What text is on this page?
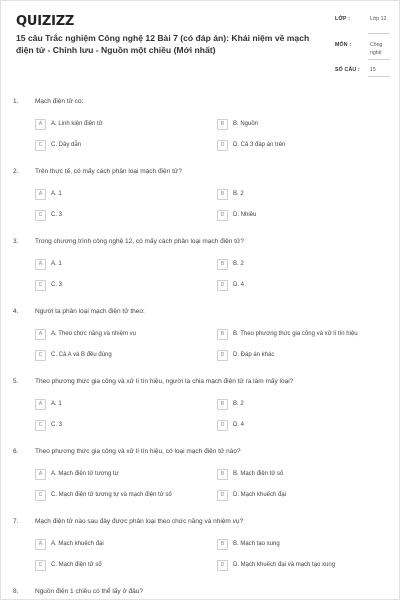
QUIZIZZ
15 câu Trắc nghiệm Công nghệ 12 Bài 7 (có đáp án): Khái niệm về mạch điện tử - Chỉnh lưu - Nguồn một chiều (Mới nhất)
LỚP :	Lớp 12
MÔN :	Công nghệ
SỐ CÂU : 15
1.	Mạch điện tử có:
A	A. Linh kiện điện tử	B	B. Nguồn
C	C. Dây dẫn	D	D. Cả 3 đáp án trên
2.	Trên thực tế, có mấy cách phân loại mạch điện tử?
A	A. 1	B	B. 2
C	C. 3	D	D. Nhiều
3.	Trong chương trình công nghệ 12, có mấy cách phân loại mạch điện tử?
A	A. 1	B	B. 2
C	C. 3	D	D. 4
4.	Người ta phân loại mạch điện tử theo:
A	A. Theo chức năng và nhiệm vụ	B	B. Theo phương thức gia công và xử lí tín hiệu
C	C. Cả A và B đều đúng	D	D. Đáp án khác
5.	Theo phương thức gia công và xử lí tín hiệu, người ta chia mạch điện tử ra làm mấy loại?
A	A. 1	B	B. 2
C	C. 3	D	D. 4
6.	Theo phương thức gia công và xử lí tín hiệu, có loại mạch điện tử nào?
A	A. Mạch điện tử tương tự	B	B. Mạch điện tử số
C	C. Mạch điện tử tương tự và mạch điện tử số	D	D. Mạch khuếch đại
7.	Mạch điện tử nào sau đây được phân loại theo chức năng và nhiệm vụ?
A	A. Mạch khuếch đại	B	B. Mạch tạo xung
C	C. Mạch điện tử số	D	D. Mạch khuếch đại và mạch tạo xung
8.	Nguồn điện 1 chiều có thể lấy ở đâu?
